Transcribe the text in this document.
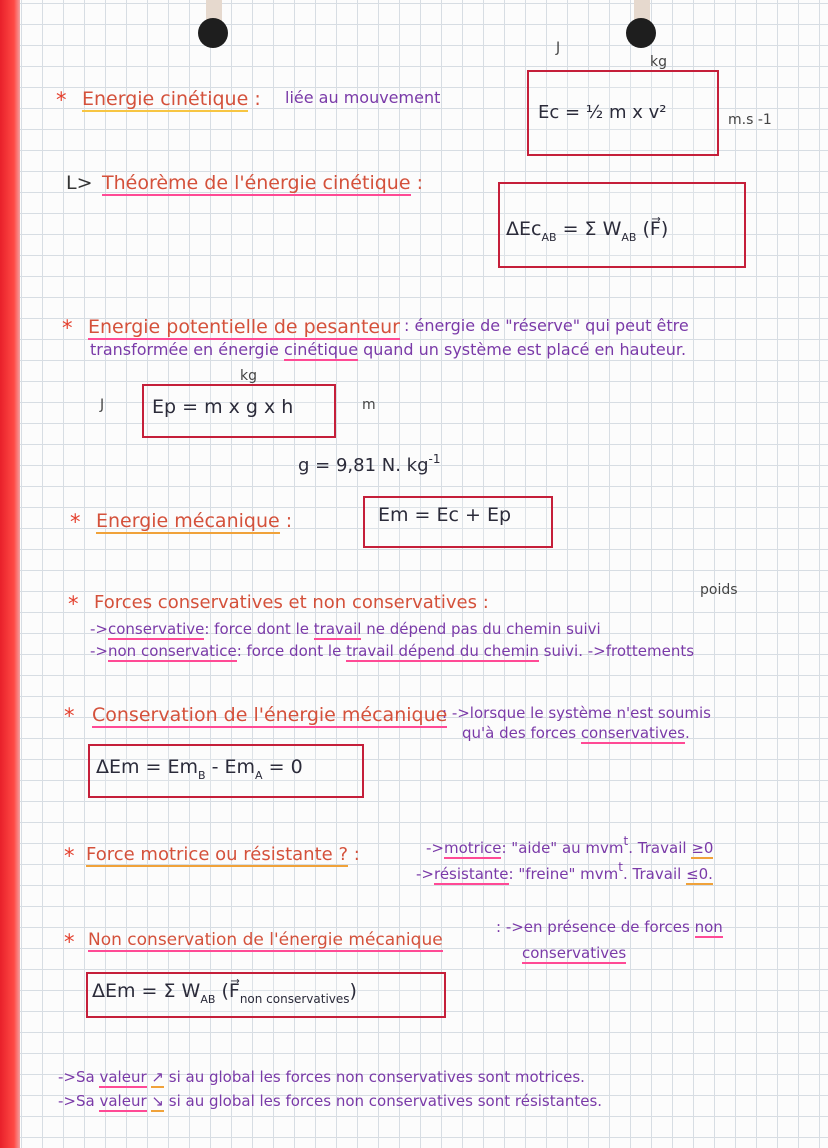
* Energie cinétique : liée au mouvement
J
kg
Ec = ½ m x v²	m.s -1
L> Théorème de l'énergie cinétique :
ΔEc$_{AB}$ = Σ $W_{AB}$ (F⃗)
* Energie potentielle de pesanteur : énergie de "réserve" qui peut être
transformée en énergie cinétique quand un système est placé en hauteur.
kg
J	Ep = m x g x h	m
g = 9,81 N. $kg^{-1}$
* Energie mécanique :	Em = Ec + Ep
poids
* Forces conservatives et non conservatives :
->conservative: force dont le travail ne dépend pas du chemin suivi
->non conservatice: force dont le travail dépend du chemin suivi. ->frottements
* Conservation de l'énergie mécanique
: ->lorsque le système n'est soumis
qu'à des forces conservatives.
$\Delta Em = Em_B - Em_A = 0$
* Force motrice ou résistante ? :	->motrice: "aide" au mvm$^t$. Travail ≥0
->résistante: "freine" mvm$^t$. Travail ≤0.
* Non conservation de l'énergie mécanique
: ->en présence de forces non
conservatives
ΔEm = Σ $W_{AB}$ $(F⃗_{non conservatives})$
->Sa valeur ↗ si au global les forces non conservatives sont motrices.
->Sa valeur ↘ si au global les forces non conservatives sont résistantes.
